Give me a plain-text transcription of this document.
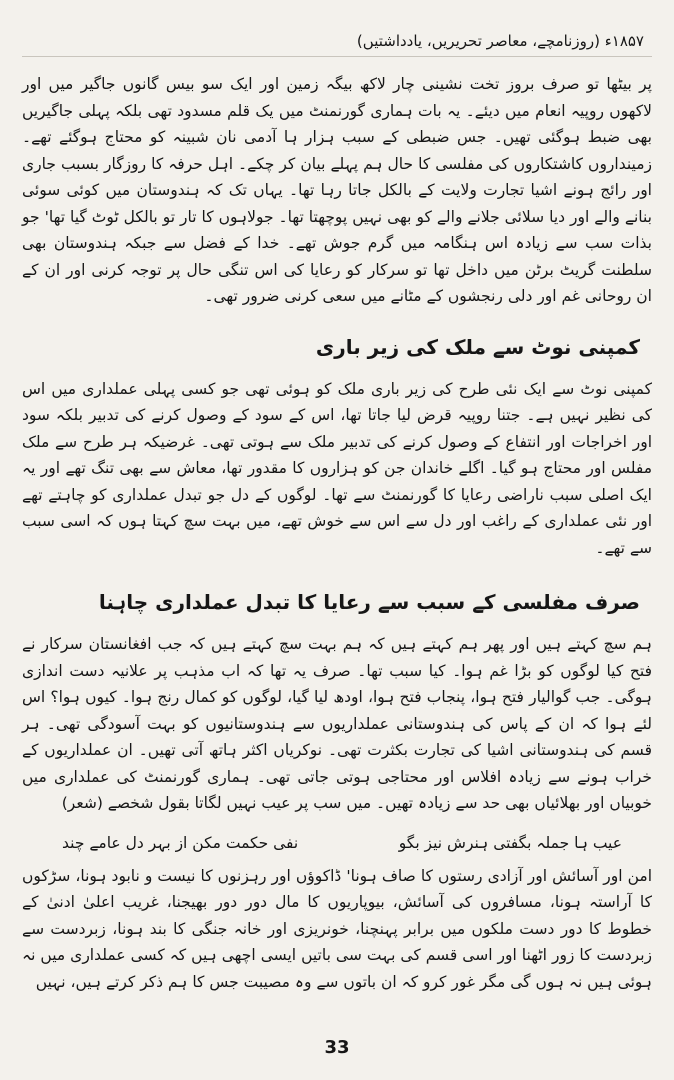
۱۸۵۷ء (روزنامچے، معاصر تحریریں، یادداشتیں)

پر بیٹھا تو صرف بروز تخت نشینی چار لاکھ بیگہ زمین اور ایک سو بیس گانوں جاگیر میں اور لاکھوں روپیہ انعام میں دیئے۔ یہ بات ہماری گورنمنٹ میں یک قلم مسدود تھی بلکہ پہلی جاگیریں بھی ضبط ہوگئی تھیں۔ جس ضبطی کے سبب ہزار ہا آدمی نان شبینہ کو محتاج ہوگئے تھے۔ زمینداروں کاشتکاروں کی مفلسی کا حال ہم پہلے بیان کر چکے۔ اہل حرفہ کا روزگار بسبب جاری اور رائج ہونے اشیا تجارت ولایت کے بالکل جاتا رہا تھا۔ یہاں تک کہ ہندوستان میں کوئی سوئی بنانے والے اور دیا سلائی جلانے والے کو بھی نہیں پوچھتا تھا۔ جولاہوں کا تار تو بالکل ٹوٹ گیا تھا' جو بذات سب سے زیادہ اس ہنگامہ میں گرم جوش تھے۔ خدا کے فضل سے جبکہ ہندوستان بھی سلطنت گریٹ برٹن میں داخل تھا تو سرکار کو رعایا کی اس تنگی حال پر توجہ کرنی اور ان کے ان روحانی غم اور دلی رنجشوں کے مٹانے میں سعی کرنی ضرور تھی۔

کمپنی نوٹ سے ملک کی زیر باری

کمپنی نوٹ سے ایک نئی طرح کی زیر باری ملک کو ہوئی تھی جو کسی پہلی عملداری میں اس کی نظیر نہیں ہے۔ جتنا روپیہ قرض لیا جاتا تھا، اس کے سود کے وصول کرنے کی تدبیر بلکہ سود اور اخراجات اور انتفاع کے وصول کرنے کی تدبیر ملک سے ہوتی تھی۔ غرضیکہ ہر طرح سے ملک مفلس اور محتاج ہو گیا۔ اگلے خاندان جن کو ہزاروں کا مقدور تھا، معاش سے بھی تنگ تھے اور یہ ایک اصلی سبب ناراضی رعایا کا گورنمنٹ سے تھا۔ لوگوں کے دل جو تبدل عملداری کو چاہتے تھے اور نئی عملداری کے راغب اور دل سے اس سے خوش تھے، میں بہت سچ کہتا ہوں کہ اسی سبب سے تھے۔

صرف مفلسی کے سبب سے رعایا کا تبدل عملداری چاہنا

ہم سچ کہتے ہیں اور پھر ہم کہتے ہیں کہ ہم بہت سچ کہتے ہیں کہ جب افغانستان سرکار نے فتح کیا لوگوں کو بڑا غم ہوا۔ کیا سبب تھا۔ صرف یہ تھا کہ اب مذہب پر علانیہ دست اندازی ہوگی۔ جب گوالیار فتح ہوا، پنجاب فتح ہوا، اودھ لیا گیا، لوگوں کو کمال رنج ہوا۔ کیوں ہوا؟ اس لئے ہوا کہ ان کے پاس کی ہندوستانی عملداریوں سے ہندوستانیوں کو بہت آسودگی تھی۔ ہر قسم کی ہندوستانی اشیا کی تجارت بکثرت تھی۔ نوکریاں اکثر ہاتھ آتی تھیں۔ ان عملداریوں کے خراب ہونے سے زیادہ افلاس اور محتاجی ہوتی جاتی تھی۔ ہماری گورنمنٹ کی عملداری میں خوبیاں اور بھلائیاں بھی حد سے زیادہ تھیں۔ میں سب پر عیب نہیں لگاتا بقول شخصے (شعر)

عیب ہا جملہ بگفتی ہنرش نیز بگو
نفی حکمت مکن از بہر دل عامے چند

امن اور آسائش اور آزادی رستوں کا صاف ہونا' ڈاکوؤں اور رہزنوں کا نیست و نابود ہونا، سڑکوں کا آراستہ ہونا، مسافروں کی آسائش، بیوپاریوں کا مال دور دور بھیجنا، غریب اعلیٰ ادنیٰ کے خطوط کا دور دست ملکوں میں برابر پہنچنا، خونریزی اور خانہ جنگی کا بند ہونا، زبردست سے زبردست کا زور اٹھنا اور اسی قسم کی بہت سی باتیں ایسی اچھی ہیں کہ کسی عملداری میں نہ ہوئی ہیں نہ ہوں گی مگر غور کرو کہ ان باتوں سے وہ مصیبت جس کا ہم ذکر کرتے ہیں، نہیں

33
